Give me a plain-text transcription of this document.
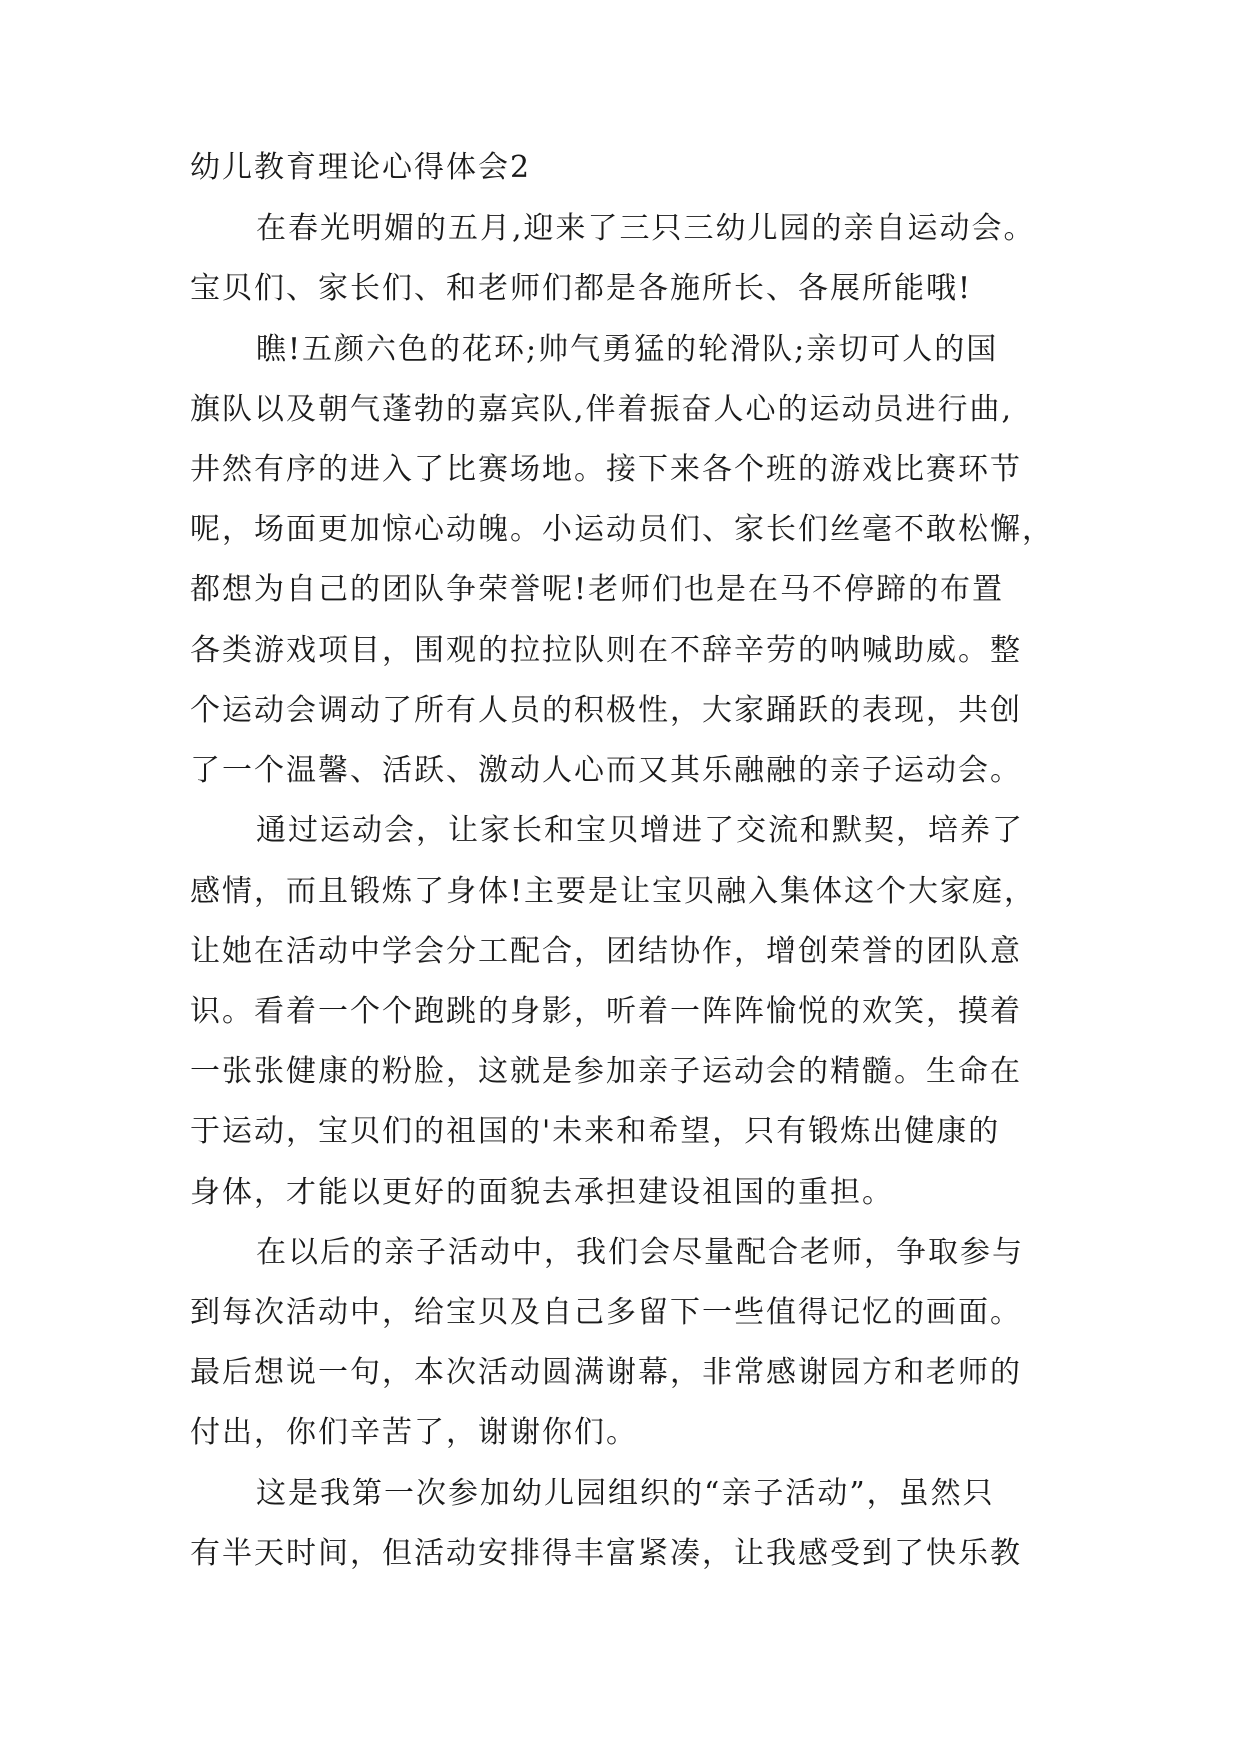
幼儿教育理论心得体会2
在春光明媚的五月,迎来了三只三幼儿园的亲自运动会。
宝贝们、家长们、和老师们都是各施所长、各展所能哦!
瞧!五颜六色的花环;帅气勇猛的轮滑队;亲切可人的国
旗队以及朝气蓬勃的嘉宾队,伴着振奋人心的运动员进行曲,
井然有序的进入了比赛场地。接下来各个班的游戏比赛环节
呢，场面更加惊心动魄。小运动员们、家长们丝毫不敢松懈，
都想为自己的团队争荣誉呢!老师们也是在马不停蹄的布置
各类游戏项目，围观的拉拉队则在不辞辛劳的呐喊助威。整
个运动会调动了所有人员的积极性，大家踊跃的表现，共创
了一个温馨、活跃、激动人心而又其乐融融的亲子运动会。
通过运动会，让家长和宝贝增进了交流和默契，培养了
感情，而且锻炼了身体!主要是让宝贝融入集体这个大家庭，
让她在活动中学会分工配合，团结协作，增创荣誉的团队意
识。看着一个个跑跳的身影，听着一阵阵愉悦的欢笑，摸着
一张张健康的粉脸，这就是参加亲子运动会的精髓。生命在
于运动，宝贝们的祖国的'未来和希望，只有锻炼出健康的
身体，才能以更好的面貌去承担建设祖国的重担。
在以后的亲子活动中，我们会尽量配合老师，争取参与
到每次活动中，给宝贝及自己多留下一些值得记忆的画面。
最后想说一句，本次活动圆满谢幕，非常感谢园方和老师的
付出，你们辛苦了，谢谢你们。
这是我第一次参加幼儿园组织的“亲子活动”，虽然只
有半天时间，但活动安排得丰富紧凑，让我感受到了快乐教
